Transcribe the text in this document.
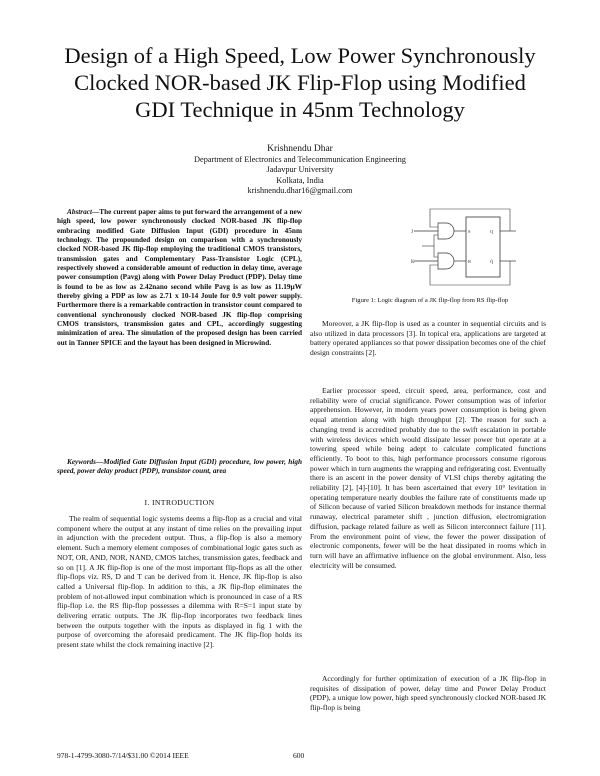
Design of a High Speed, Low Power Synchronously
Clocked NOR-based JK Flip-Flop using Modified
GDI Technique in 45nm Technology
Krishnendu Dhar
Department of Electronics and Telecommunication Engineering
Jadavpur University
Kolkata, India
krishnendu.dhar16@gmail.com

Abstract—The current paper aims to put forward the arrangement of a new high speed, low power synchronously clocked NOR-based JK flip-flop embracing modified Gate Diffusion Input (GDI) procedure in 45nm technology. The propounded design on comparison with a synchronously clocked NOR-based JK flip-flop employing the traditional CMOS transistors, transmission gates and Complementary Pass-Transistor Logic (CPL), respectively showed a considerable amount of reduction in delay time, average power consumption (Pavg) along with Power Delay Product (PDP). Delay time is found to be as low as 2.42nano second while Pavg is as low as 11.19µW thereby giving a PDP as low as 2.71 x 10-14 Joule for 0.9 volt power supply. Furthermore there is a remarkable contraction in transistor count compared to conventional synchronously clocked NOR-based JK flip-flop comprising CMOS transistors, transmission gates and CPL, accordingly suggesting minimization of area. The simulation of the proposed design has been carried out in Tanner SPICE and the layout has been designed in Microwind.

Keywords—Modified Gate Diffusion Input (GDI) procedure, low power, high speed, power delay product (PDP), transistor count, area

I. INTRODUCTION

The realm of sequential logic systems deems a flip-flop as a crucial and vital component where the output at any instant of time relies on the prevailing input in adjunction with the precedent output. Thus, a flip-flop is also a memory element. Such a memory element composes of combinational logic gates such as NOT, OR, AND, NOR, NAND, CMOS latches, transmission gates, feedback and so on [1]. A JK flip-flop is one of the most important flip-flops as all the other flip-flops viz. RS, D and T can be derived from it. Hence, JK flip-flop is also called a Universal flip-flop. In addition to this, a JK flip-flop eliminates the problem of not-allowed input combination which is pronounced in case of a RS flip-flop i.e. the RS flip-flop possesses a dilemma with R=S=1 input state by delivering erratic outputs. The JK flip-flop incorporates two feedback lines between the outputs together with the inputs as displayed in fig 1 with the purpose of overcoming the aforesaid predicament. The JK flip-flop holds its present state whilst the clock remaining inactive [2].

J
K
S
R
Q
Q̄
Figure 1: Logic diagram of a JK flip-flop from RS flip-flop

Moreover, a JK flip-flop is used as a counter in sequential circuits and is also utilized in data processors [3]. In topical era, applications are targeted at battery operated appliances so that power dissipation becomes one of the chief design constraints [2].

Earlier processor speed, circuit speed, area, performance, cost and reliability were of crucial significance. Power consumption was of inferior apprehension. However, in modern years power consumption is being given equal attention along with high throughput [2]. The reason for such a changing trend is accredited probably due to the swift escalation in portable with wireless devices which would dissipate lesser power but operate at a towering speed while being adept to calculate complicated functions efficiently. To boot to this, high performance processors consume rigorous power which in turn augments the wrapping and refrigerating cost. Eventually there is an ascent in the power density of VLSI chips thereby agitating the reliability [2], [4]-[10]. It has been ascertained that every 10° levitation in operating temperature nearly doubles the failure rate of constituents made up of Silicon because of varied Silicon breakdown methods for instance thermal runaway, electrical parameter shift , junction diffusion, electromigration diffusion, package related failure as well as Silicon interconnect failure [11]. From the environment point of view, the fewer the power dissipation of electronic components, fewer will be the heat dissipated in rooms which in turn will have an affirmative influence on the global environment. Also, less electricity will be consumed.

Accordingly for further optimization of execution of a JK flip-flop in requisites of dissipation of power, delay time and Power Delay Product (PDP), a unique low power, high speed synchronously clocked NOR-based JK flip-flop is being

978-1-4799-3080-7/14/$31.00 ©2014 IEEE	600
